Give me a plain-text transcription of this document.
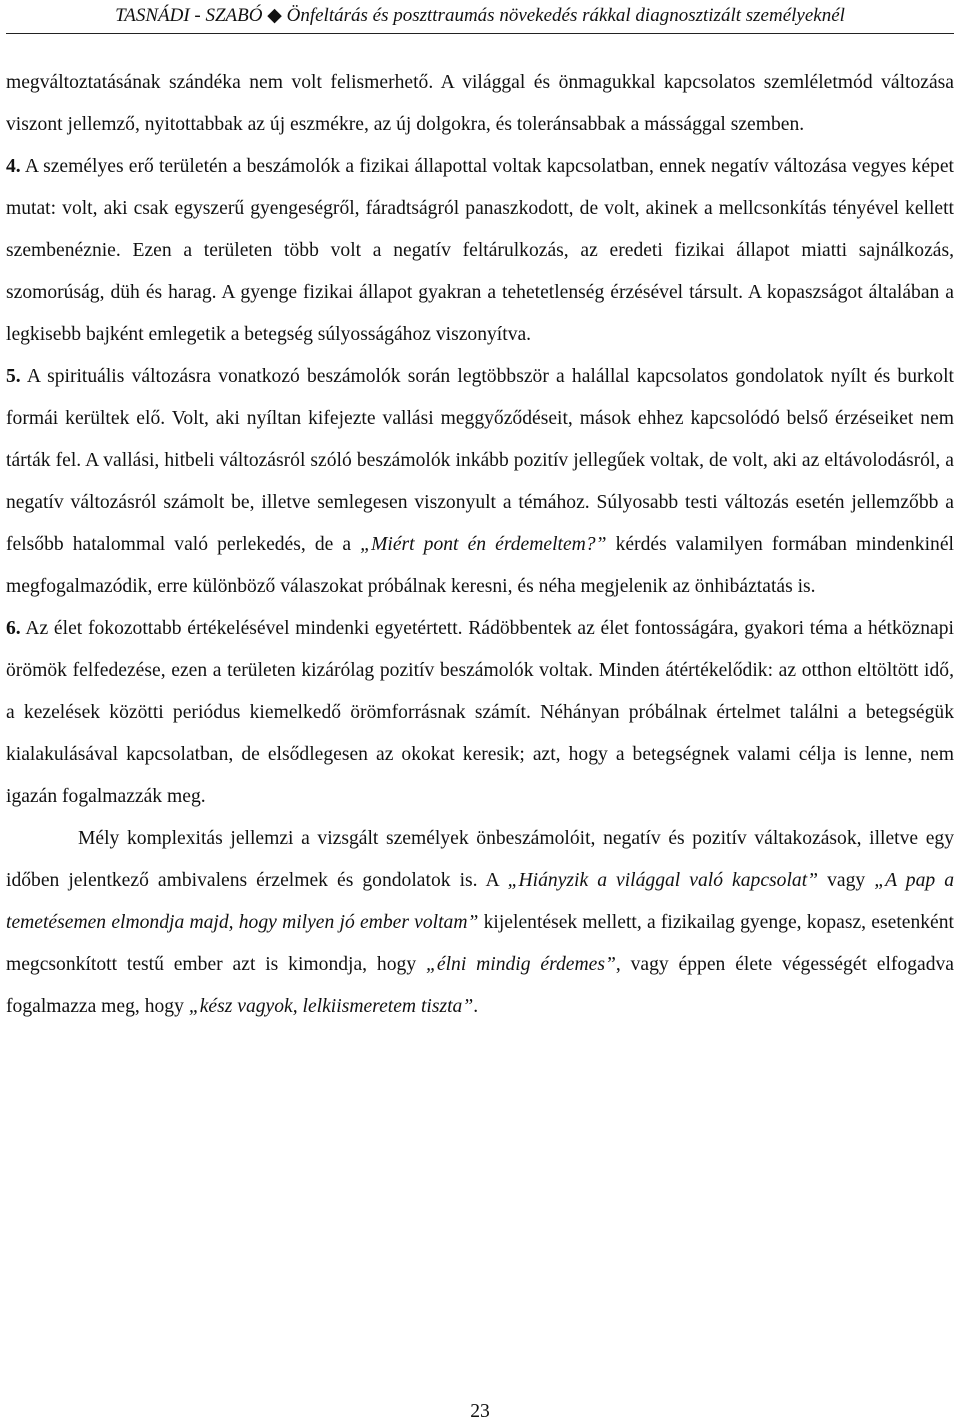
TASNÁDI - SZABÓ ◆ Önfeltárás és poszttraumás növekedés rákkal diagnosztizált személyeknél

megváltoztatásának szándéka nem volt felismerhető. A világgal és önmagukkal kapcsolatos szemléletmód változása viszont jellemző, nyitottabbak az új eszmékre, az új dolgokra, és toleránsabbak a mássággal szemben.

4. A személyes erő területén a beszámolók a fizikai állapottal voltak kapcsolatban, ennek negatív változása vegyes képet mutat: volt, aki csak egyszerű gyengeségről, fáradtságról panaszkodott, de volt, akinek a mellcsonkítás tényével kellett szembenéznie. Ezen a területen több volt a negatív feltárulkozás, az eredeti fizikai állapot miatti sajnálkozás, szomorúság, düh és harag. A gyenge fizikai állapot gyakran a tehetetlenség érzésével társult. A kopaszságot általában a legkisebb bajként emlegetik a betegség súlyosságához viszonyítva.

5. A spirituális változásra vonatkozó beszámolók során legtöbbször a halállal kapcsolatos gondolatok nyílt és burkolt formái kerültek elő. Volt, aki nyíltan kifejezte vallási meggyőződéseit, mások ehhez kapcsolódó belső érzéseiket nem tárták fel. A vallási, hitbeli változásról szóló beszámolók inkább pozitív jellegűek voltak, de volt, aki az eltávolodásról, a negatív változásról számolt be, illetve semlegesen viszonyult a témához. Súlyosabb testi változás esetén jellemzőbb a felsőbb hatalommal való perlekedés, de a „Miért pont én érdemeltem?” kérdés valamilyen formában mindenkinél megfogalmazódik, erre különböző válaszokat próbálnak keresni, és néha megjelenik az önhibáztatás is.

6. Az élet fokozottabb értékelésével mindenki egyetértett. Rádöbbentek az élet fontosságára, gyakori téma a hétköznapi örömök felfedezése, ezen a területen kizárólag pozitív beszámolók voltak. Minden átértékelődik: az otthon eltöltött idő, a kezelések közötti periódus kiemelkedő örömforrásnak számít. Néhányan próbálnak értelmet találni a betegségük kialakulásával kapcsolatban, de elsődlegesen az okokat keresik; azt, hogy a betegségnek valami célja is lenne, nem igazán fogalmazzák meg.

Mély komplexitás jellemzi a vizsgált személyek önbeszámolóit, negatív és pozitív váltakozások, illetve egy időben jelentkező ambivalens érzelmek és gondolatok is. A „Hiányzik a világgal való kapcsolat” vagy „A pap a temetésemen elmondja majd, hogy milyen jó ember voltam” kijelentések mellett, a fizikailag gyenge, kopasz, esetenként megcsonkított testű ember azt is kimondja, hogy „élni mindig érdemes”, vagy éppen élete végességét elfogadva fogalmazza meg, hogy „kész vagyok, lelkiismeretem tiszta”.

23
